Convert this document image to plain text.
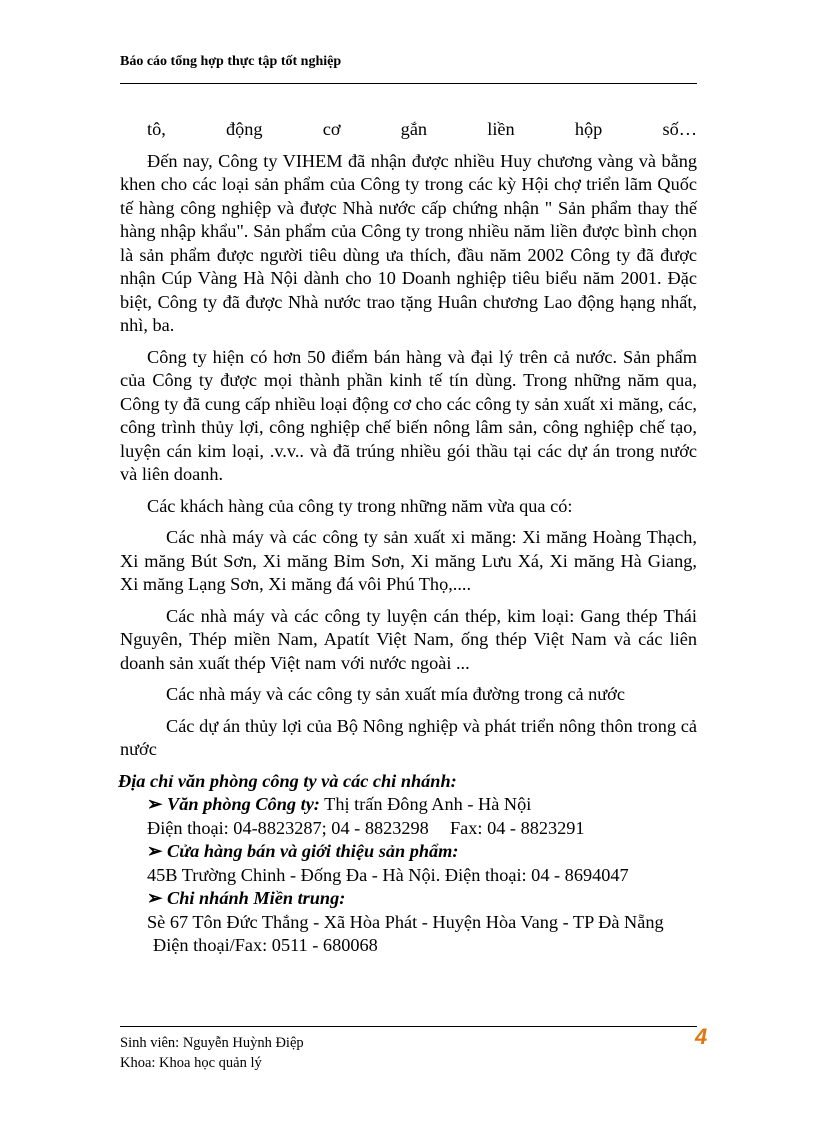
Báo cáo tổng hợp thực tập tốt nghiệp

tô, động cơ gắn liền hộp số…

Đến nay, Công ty VIHEM đã nhận được nhiều Huy chương vàng và bằng khen cho các loại sản phẩm của Công ty trong các kỳ Hội chợ triển lãm Quốc tế hàng công nghiệp và được Nhà nước cấp chứng nhận " Sản phẩm thay thế hàng nhập khẩu". Sản phẩm của Công ty trong nhiều năm liền được bình chọn là sản phẩm được người tiêu dùng ưa thích, đầu năm 2002 Công ty đã được nhận Cúp Vàng Hà Nội dành cho 10 Doanh nghiệp tiêu biểu năm 2001. Đặc biệt, Công ty đã được Nhà nước trao tặng Huân chương Lao động hạng nhất, nhì, ba.

Công ty hiện có hơn 50 điểm bán hàng và đại lý trên cả nước. Sản phẩm của Công ty được mọi thành phần kinh tế tín dùng. Trong những năm qua, Công ty đã cung cấp nhiều loại động cơ cho các công ty sản xuất xi măng, các, công trình thủy lợi, công nghiệp chế biến nông lâm sản, công nghiệp chế tạo, luyện cán kim loại, .v.v.. và đã trúng nhiều gói thầu tại các dự án trong nước và liên doanh.

Các khách hàng của công ty trong những năm vừa qua có:

Các nhà máy và các công ty sản xuất xi măng: Xi măng Hoàng Thạch, Xi măng Bút Sơn, Xi măng Bỉm Sơn, Xi măng Lưu Xá, Xi măng Hà Giang, Xi măng Lạng Sơn, Xi măng đá vôi Phú Thọ,....

Các nhà máy và các công ty luyện cán thép, kim loại: Gang thép Thái Nguyên, Thép miền Nam, Apatít Việt Nam, ống thép Việt Nam và các liên doanh sản xuất thép Việt nam với nước ngoài ...

Các nhà máy và các công ty sản xuất mía đường trong cả nước

Các dự án thủy lợi của Bộ Nông nghiệp và phát triển nông thôn trong cả nước

Địa chỉ văn phòng công ty và các chi nhánh:

➢ Văn phòng Công ty: Thị trấn Đông Anh - Hà Nội

Điện thoại: 04-8823287; 04 - 8823298 Fax: 04 - 8823291

➢ Cửa hàng bán và giới thiệu sản phẩm:

45B Trường Chinh - Đống Đa - Hà Nội. Điện thoại: 04 - 8694047

➢ Chi nhánh Miền trung:

Sè 67 Tôn Đức Thắng - Xã Hòa Phát - Huyện Hòa Vang - TP Đà Nẵng

Điện thoại/Fax: 0511 - 680068

Sinh viên: Nguyễn Huỳnh Điệp
Khoa: Khoa học quản lý
4
